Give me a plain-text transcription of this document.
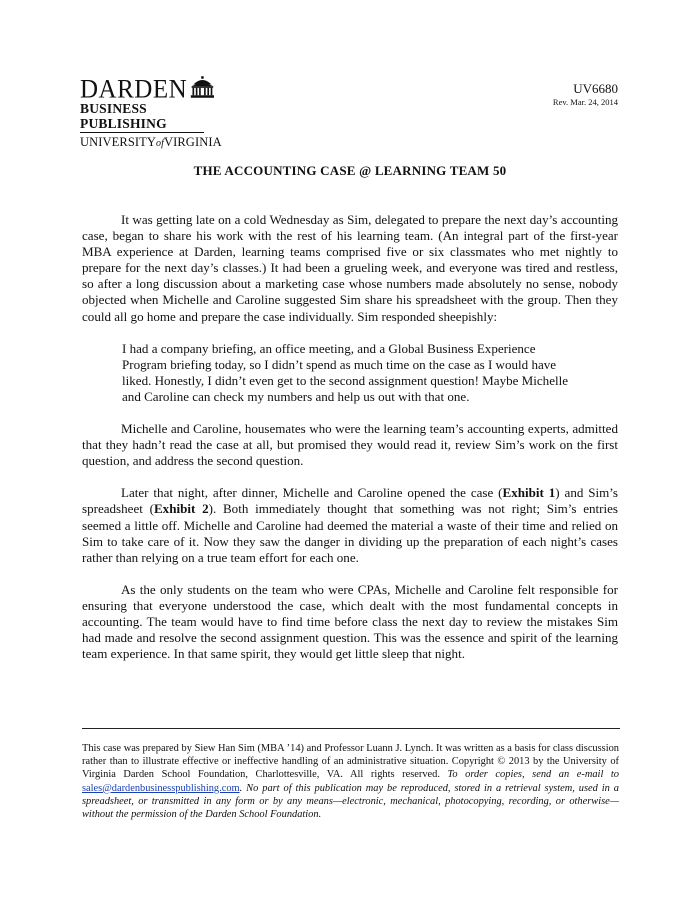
DARDEN
BUSINESS PUBLISHING
UNIVERSITYofVIRGINIA
UV6680
Rev. Mar. 24, 2014
THE ACCOUNTING CASE @ LEARNING TEAM 50

It was getting late on a cold Wednesday as Sim, delegated to prepare the next day’s accounting case, began to share his work with the rest of his learning team. (An integral part of the first-year MBA experience at Darden, learning teams comprised five or six classmates who met nightly to prepare for the next day’s classes.) It had been a grueling week, and everyone was tired and restless, so after a long discussion about a marketing case whose numbers made absolutely no sense, nobody objected when Michelle and Caroline suggested Sim share his spreadsheet with the group. Then they could all go home and prepare the case individually. Sim responded sheepishly:

I had a company briefing, an office meeting, and a Global Business Experience Program briefing today, so I didn’t spend as much time on the case as I would have liked. Honestly, I didn’t even get to the second assignment question! Maybe Michelle and Caroline can check my numbers and help us out with that one.

Michelle and Caroline, housemates who were the learning team’s accounting experts, admitted that they hadn’t read the case at all, but promised they would read it, review Sim’s work on the first question, and address the second question.

Later that night, after dinner, Michelle and Caroline opened the case (Exhibit 1) and Sim’s spreadsheet (Exhibit 2). Both immediately thought that something was not right; Sim’s entries seemed a little off. Michelle and Caroline had deemed the material a waste of their time and relied on Sim to take care of it. Now they saw the danger in dividing up the preparation of each night’s cases rather than relying on a true team effort for each one.

As the only students on the team who were CPAs, Michelle and Caroline felt responsible for ensuring that everyone understood the case, which dealt with the most fundamental concepts in accounting. The team would have to find time before class the next day to review the mistakes Sim had made and resolve the second assignment question. This was the essence and spirit of the learning team experience. In that same spirit, they would get little sleep that night.

This case was prepared by Siew Han Sim (MBA ’14) and Professor Luann J. Lynch. It was written as a basis for class discussion rather than to illustrate effective or ineffective handling of an administrative situation. Copyright © 2013 by the University of Virginia Darden School Foundation, Charlottesville, VA. All rights reserved. To order copies, send an e-mail to sales@dardenbusinesspublishing.com. No part of this publication may be reproduced, stored in a retrieval system, used in a spreadsheet, or transmitted in any form or by any means—electronic, mechanical, photocopying, recording, or otherwise—without the permission of the Darden School Foundation.
